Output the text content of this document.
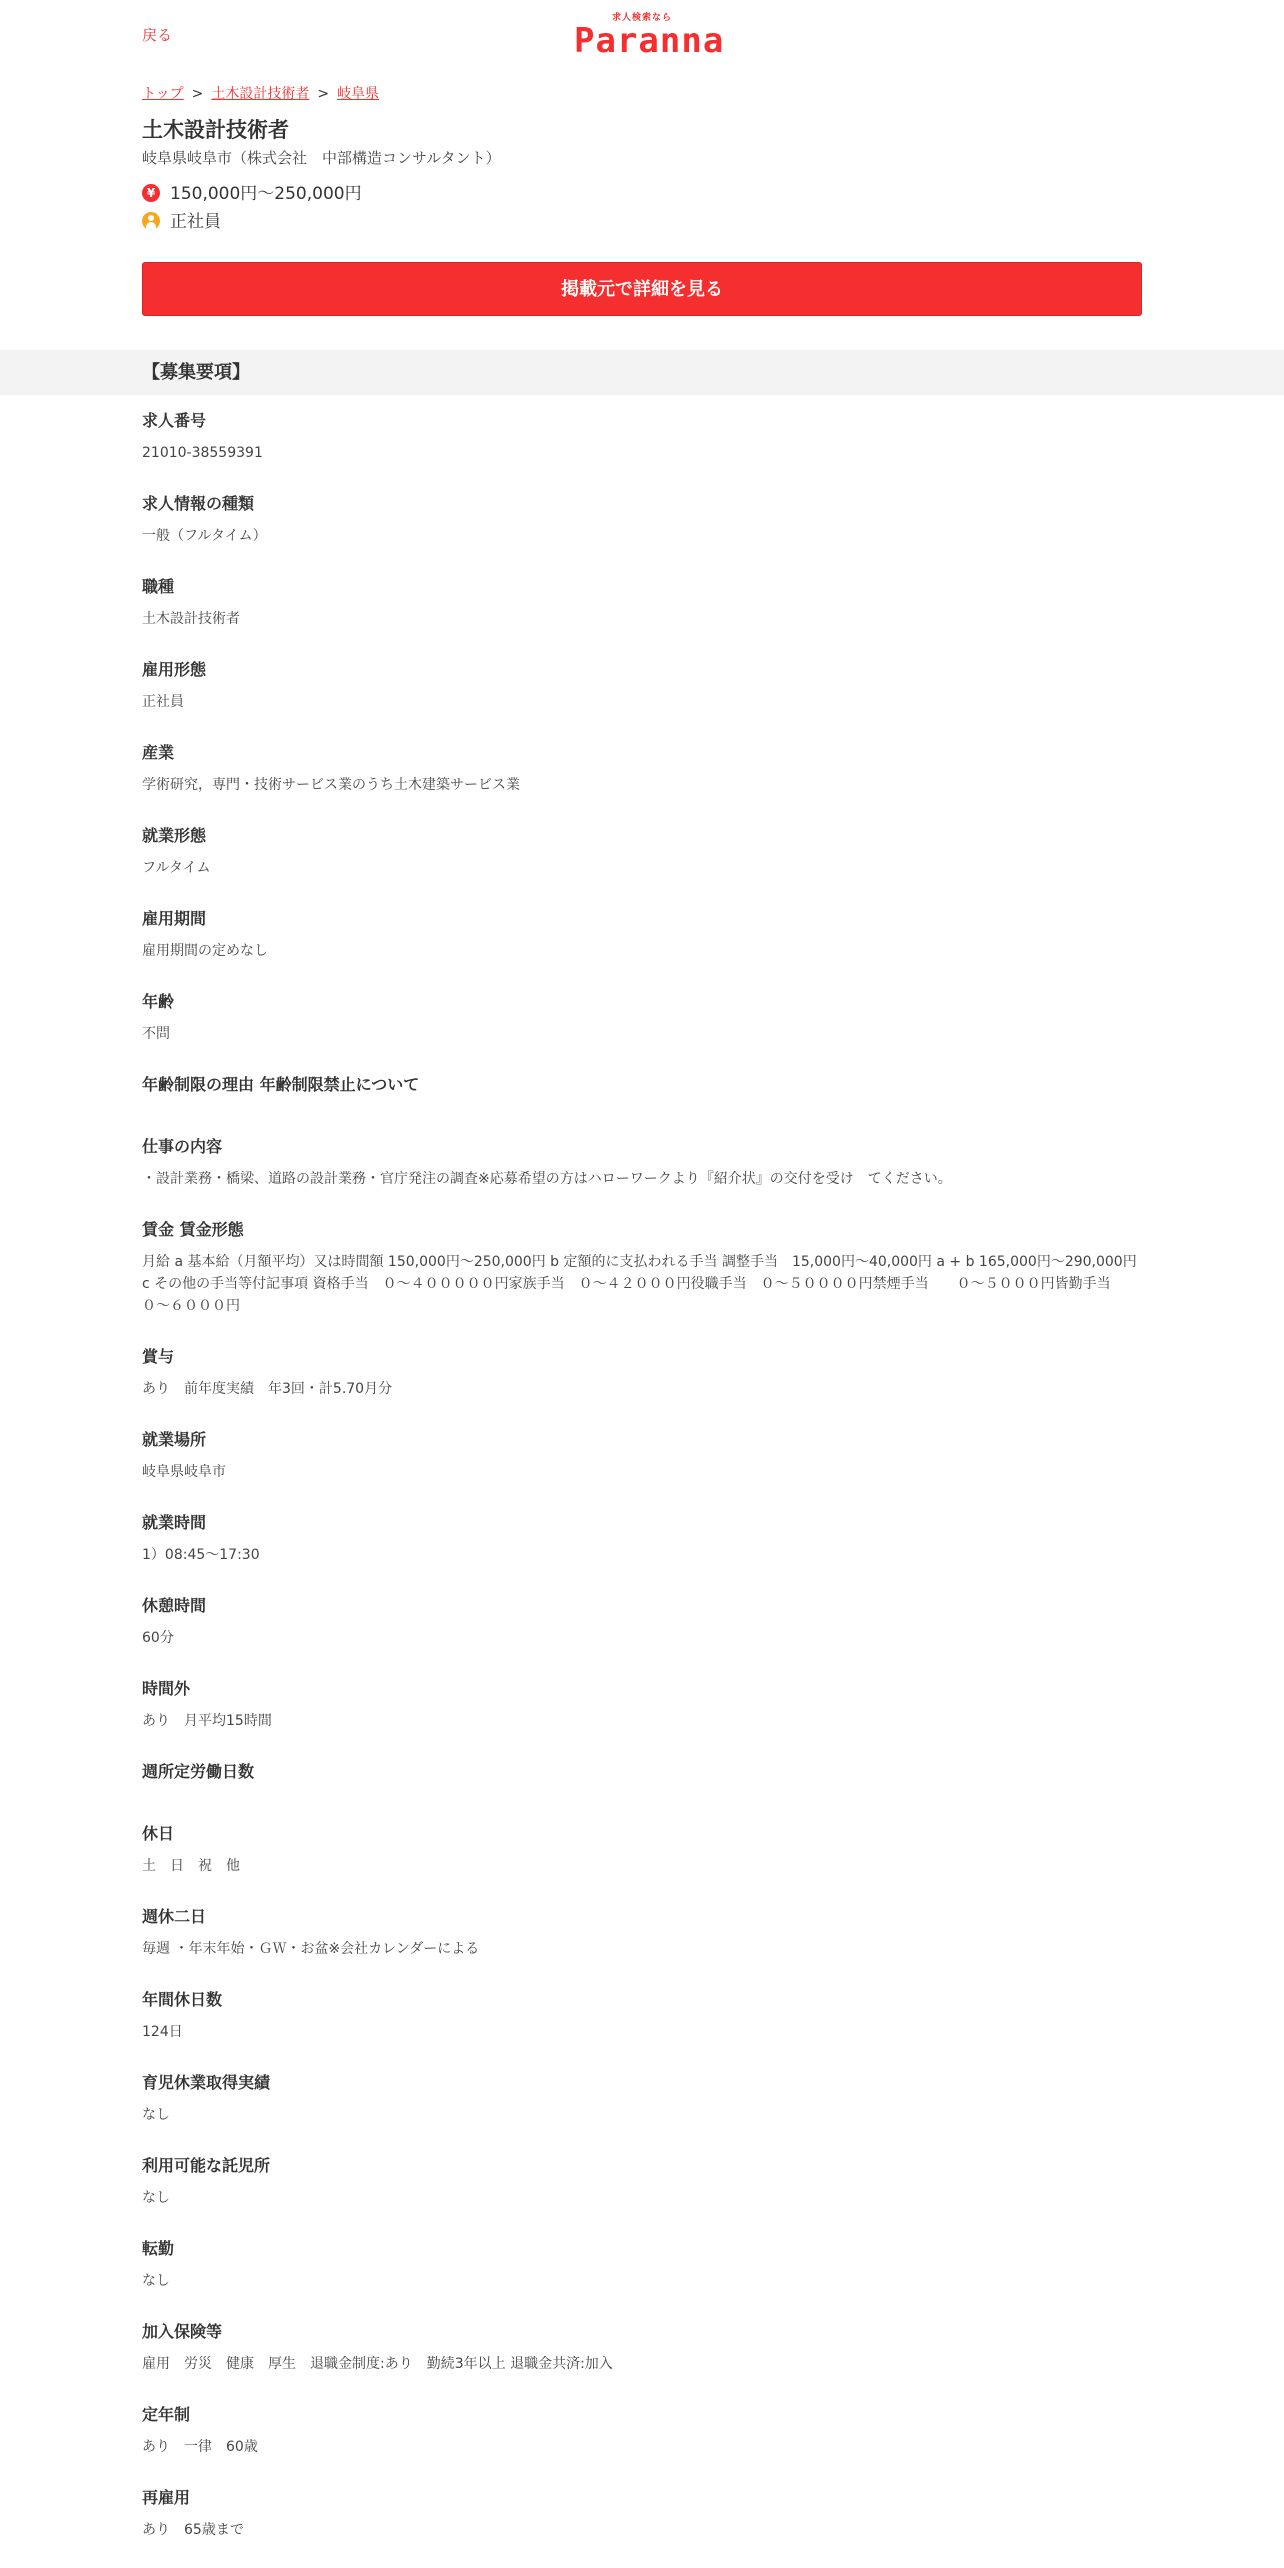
戻る
求人検索なら
Paranna
トップ > 土木設計技術者 > 岐阜県
土木設計技術者
岐阜県岐阜市（株式会社　中部構造コンサルタント）
¥150,000円～250,000円
正社員
掲載元で詳細を見る
【募集要項】
求人番号
21010-38559391
求人情報の種類
一般（フルタイム）
職種
土木設計技術者
雇用形態
正社員
産業
学術研究，専門・技術サービス業のうち土木建築サービス業
就業形態
フルタイム
雇用期間
雇用期間の定めなし
年齢
不問
年齢制限の理由 年齢制限禁止について
仕事の内容
・設計業務・橋梁、道路の設計業務・官庁発注の調査※応募希望の方はハローワークより『紹介状』の交付を受け　てください。
賃金 賃金形態
月給 a 基本給（月額平均）又は時間額 150,000円～250,000円 b 定額的に支払われる手当 調整手当　15,000円～40,000円 a + b 165,000円～290,000円 c その他の手当等付記事項 資格手当　０～４０００００円家族手当　０～４２０００円役職手当　０～５００００円禁煙手当　　０～５０００円皆勤手当　　０～６０００円
賞与
あり　前年度実績　年3回・計5.70月分
就業場所
岐阜県岐阜市
就業時間
1）08:45～17:30
休憩時間
60分
時間外
あり　月平均15時間
週所定労働日数
休日
土　日　祝　他
週休二日
毎週 ・年末年始・ＧＷ・お盆※会社カレンダーによる
年間休日数
124日
育児休業取得実績
なし
利用可能な託児所
なし
転勤
なし
加入保険等
雇用　労災　健康　厚生　退職金制度:あり　勤続3年以上 退職金共済:加入
定年制
あり　一律　60歳
再雇用
あり　65歳まで
